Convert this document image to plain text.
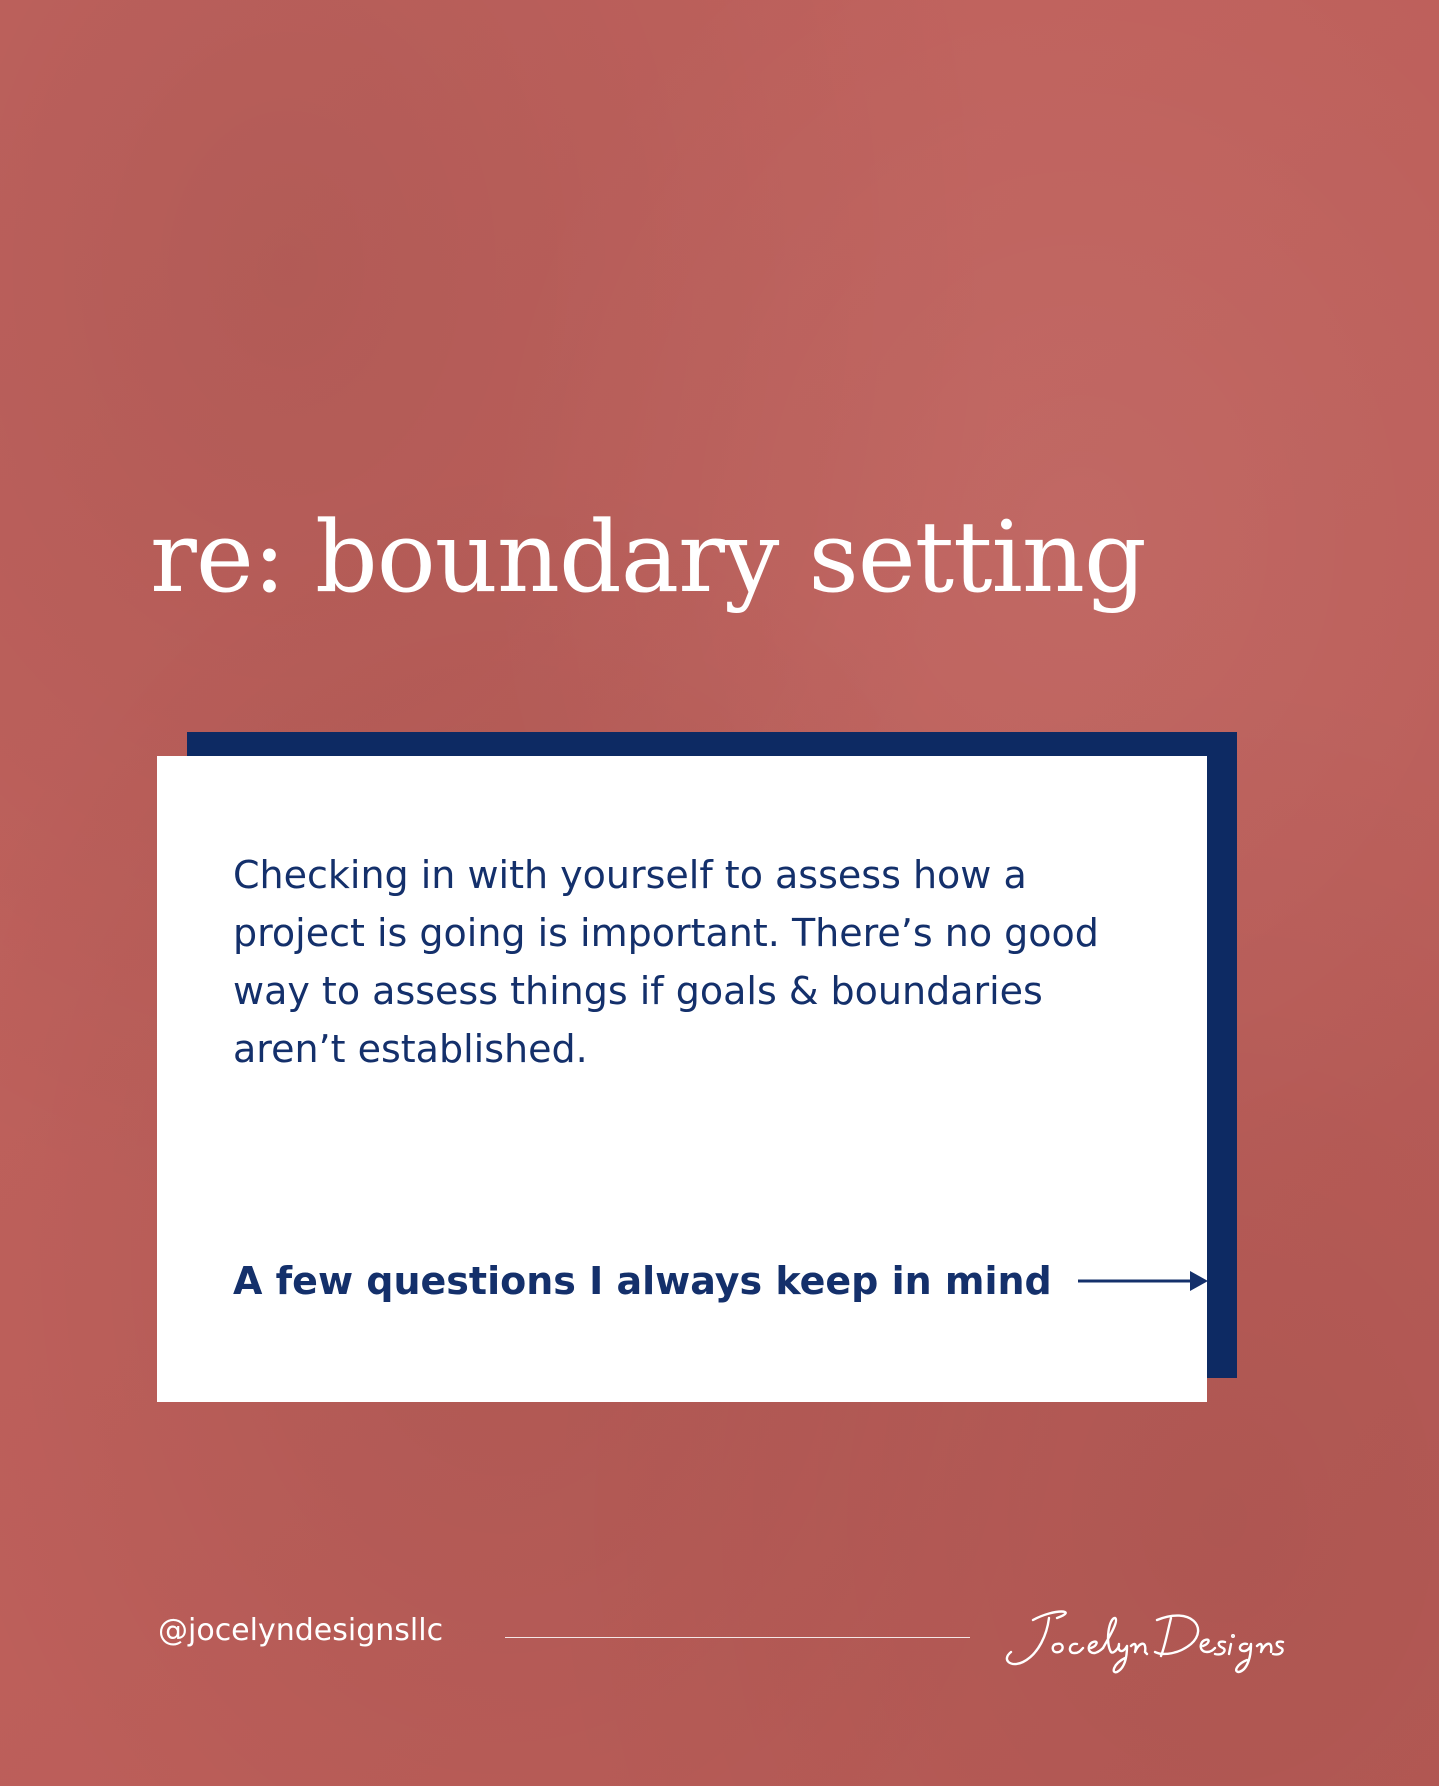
re: boundary setting

Checking in with yourself to assess how a project is going is important. There’s no good way to assess things if goals & boundaries aren’t established.

A few questions I always keep in mind
@jocelyndesignsllc
